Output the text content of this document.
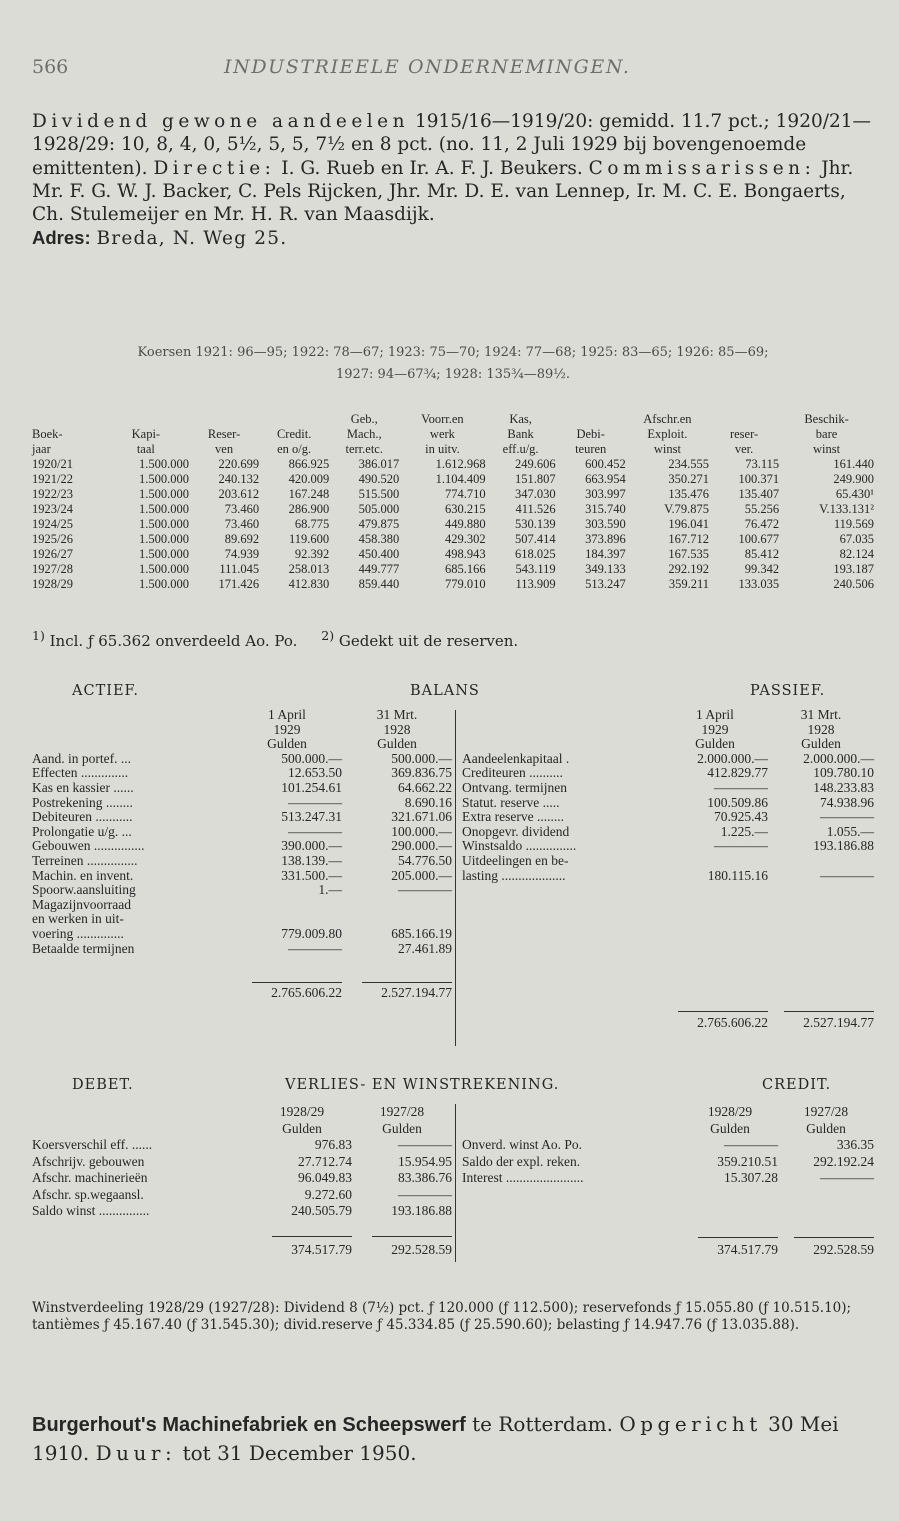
566	INDUSTRIEELE ONDERNEMINGEN.
Dividend gewone aandeelen 1915/16—1919/20: gemidd. 11.7 pct.; 1920/21—1928/29: 10, 8, 4, 0, 5½, 5, 5, 7½ en 8 pct. (no. 11, 2 Juli 1929 bij bovengenoemde emittenten). Directie: I. G. Rueb en Ir. A. F. J. Beukers. Commissarissen: Jhr. Mr. F. G. W. J. Backer, C. Pels Rijcken, Jhr. Mr. D. E. van Lennep, Ir. M. C. E. Bongaerts, Ch. Stulemeijer en Mr. H. R. van Maasdijk.
Adres: Breda, N. Weg 25.
Koersen 1921: 96—95; 1922: 78—67; 1923: 75—70; 1924: 77—68; 1925: 83—65; 1926: 85—69;
1927: 94—67¾; 1928: 135¾—89½.
				Geb.,	Voorr.en	Kas,		Afschr.en		Beschik-
Boek-	Kapi-	Reser-	Credit.	Mach.,	werk	Bank	Debi-	Exploit.	reser-	bare
jaar	taal	ven	en o/g.	terr.etc.	in uitv.	eff.u/g.	teuren	winst	ver.	winst
1920/21	1.500.000	220.699	866.925	386.017	1.612.968	249.606	600.452	234.555	73.115	161.440
1921/22	1.500.000	240.132	420.009	490.520	1.104.409	151.807	663.954	350.271	100.371	249.900
1922/23	1.500.000	203.612	167.248	515.500	774.710	347.030	303.997	135.476	135.407	65.430¹
1923/24	1.500.000	73.460	286.900	505.000	630.215	411.526	315.740	V.79.875	55.256	V.133.131²
1924/25	1.500.000	73.460	68.775	479.875	449.880	530.139	303.590	196.041	76.472	119.569
1925/26	1.500.000	89.692	119.600	458.380	429.302	507.414	373.896	167.712	100.677	67.035
1926/27	1.500.000	74.939	92.392	450.400	498.943	618.025	184.397	167.535	85.412	82.124
1927/28	1.500.000	111.045	258.013	449.777	685.166	543.119	349.133	292.192	99.342	193.187
1928/29	1.500.000	171.426	412.830	859.440	779.010	113.909	513.247	359.211	133.035	240.506
$^{1)}$ Incl. ƒ 65.362 onverdeeld Ao. Po. $^{2)}$ Gedekt uit de reserven.
ACTIEF.	BALANS	PASSIEF.
	1 April	31 Mrt.
	1929	1928
	Gulden	Gulden
Aand. in portef. ...	500.000.—	500.000.—
Effecten ..............	12.653.50	369.836.75
Kas en kassier ......	101.254.61	64.662.22
Postrekening ........	————	8.690.16
Debiteuren ...........	513.247.31	321.671.06
Prolongatie u/g. ...	————	100.000.—
Gebouwen ...............	390.000.—	290.000.—
Terreinen ...............	138.139.—	54.776.50
Machin. en invent.	331.500.—	205.000.—
Spoorw.aansluiting	1.—	————
Magazijnvoorraad		
en werken in uit-		
voering ..............	779.009.80	685.166.19
Betaalde termijnen	————	27.461.89

	2.765.606.22	2.527.194.77
	1 April	31 Mrt.
	1929	1928
	Gulden	Gulden
Aandeelenkapitaal .	2.000.000.—	2.000.000.—
Crediteuren ..........	412.829.77	109.780.10
Ontvang. termijnen	————	148.233.83
Statut. reserve .....	100.509.86	74.938.96
Extra reserve ........	70.925.43	————
Onopgevr. dividend	1.225.—	1.055.—
Winstsaldo ...............	————	193.186.88
Uitdeelingen en be-		
lasting ...................	180.115.16	————

	2.765.606.22	2.527.194.77
DEBET.	VERLIES- EN WINSTREKENING.	CREDIT.
	1928/29	1927/28
	Gulden	Gulden
Koersverschil eff. ......	976.83	————
Afschrijv. gebouwen	27.712.74	15.954.95
Afschr. machinerieën	96.049.83	83.386.76
Afschr. sp.wegaansl.	9.272.60	————
Saldo winst ...............	240.505.79	193.186.88

	374.517.79	292.528.59
	1928/29	1927/28
	Gulden	Gulden
Onverd. winst Ao. Po.	————	336.35
Saldo der expl. reken.	359.210.51	292.192.24
Interest .......................	15.307.28	————

	374.517.79	292.528.59
Winstverdeeling 1928/29 (1927/28): Dividend 8 (7½) pct. ƒ 120.000 (ƒ 112.500); reservefonds ƒ 15.055.80 (ƒ 10.515.10); tantièmes ƒ 45.167.40 (ƒ 31.545.30); divid.reserve ƒ 45.334.85 (ƒ 25.590.60); belasting ƒ 14.947.76 (ƒ 13.035.88).
Burgerhout's Machinefabriek en Scheepswerf te Rotterdam. Opgericht 30 Mei 1910. Duur: tot 31 December 1950.
